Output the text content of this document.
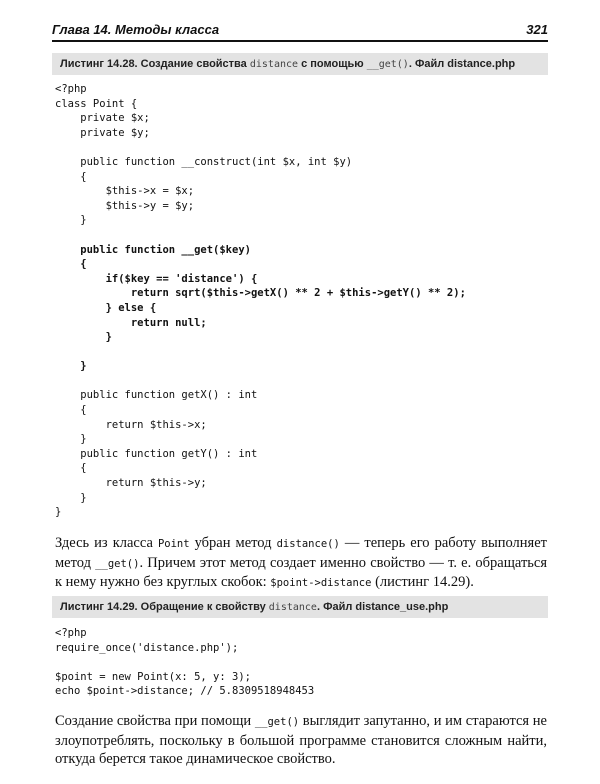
Глава 14. Методы класса	321
Листинг 14.28. Создание свойства distance с помощью __get(). Файл distance.php
<?php
class Point {
private $x;
private $y;

public function __construct(int $x, int $y)
{
$this->x = $x;
$this->y = $y;
}

public function __get($key)
{
if($key == 'distance') {
return sqrt($this->getX() ** 2 + $this->getY() ** 2);
} else {
return null;
}

}

public function getX() : int
{
return $this->x;
}
public function getY() : int
{
return $this->y;
}
}

Здесь из класса Point убран метод distance() — теперь его работу выполняет метод __get(). Причем этот метод создает именно свойство — т. е. обращаться к нему нужно без круглых скобок: $point->distance (листинг 14.29).

Листинг 14.29. Обращение к свойству distance. Файл distance_use.php
<?php
require_once('distance.php');

$point = new Point(x: 5, y: 3);
echo $point->distance; // 5.8309518948453

Создание свойства при помощи __get() выглядит запутанно, и им стараются не злоупотреблять, поскольку в большой программе становится сложным найти, откуда берется такое динамическое свойство.
